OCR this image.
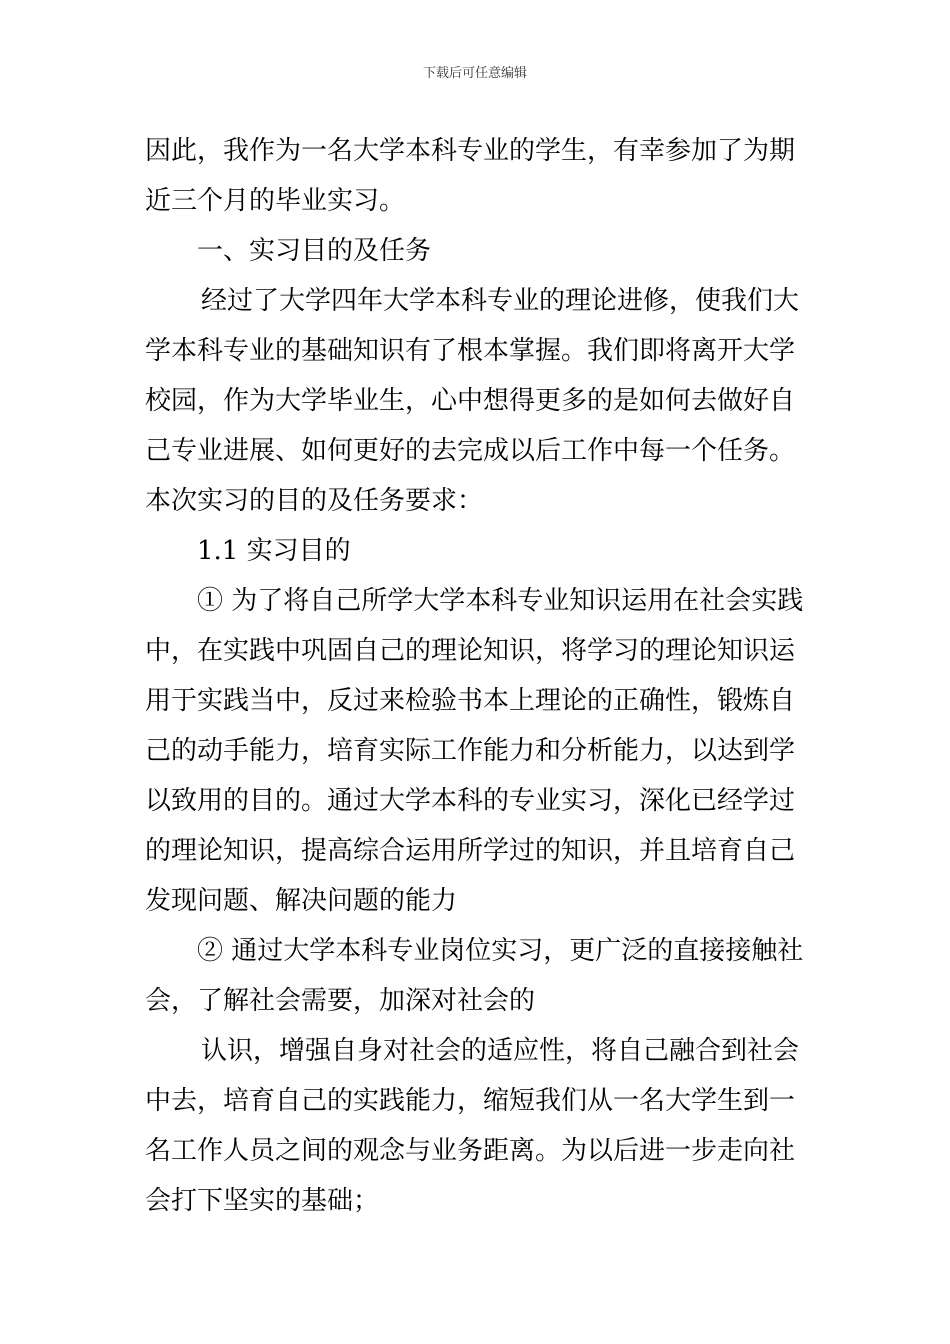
下载后可任意编辑
因此，我作为一名大学本科专业的学生，有幸参加了为期
近三个月的毕业实习。
一、实习目的及任务
经过了大学四年大学本科专业的理论进修，使我们大
学本科专业的基础知识有了根本掌握。我们即将离开大学
校园，作为大学毕业生，心中想得更多的是如何去做好自
己专业进展、如何更好的去完成以后工作中每一个任务。
本次实习的目的及任务要求：
1.1 实习目的
① 为了将自己所学大学本科专业知识运用在社会实践
中，在实践中巩固自己的理论知识，将学习的理论知识运
用于实践当中，反过来检验书本上理论的正确性，锻炼自
己的动手能力，培育实际工作能力和分析能力，以达到学
以致用的目的。通过大学本科的专业实习，深化已经学过
的理论知识，提高综合运用所学过的知识，并且培育自己
发现问题、解决问题的能力
② 通过大学本科专业岗位实习，更广泛的直接接触社
会，了解社会需要，加深对社会的
认识，增强自身对社会的适应性，将自己融合到社会
中去，培育自己的实践能力，缩短我们从一名大学生到一
名工作人员之间的观念与业务距离。为以后进一步走向社
会打下坚实的基础；
